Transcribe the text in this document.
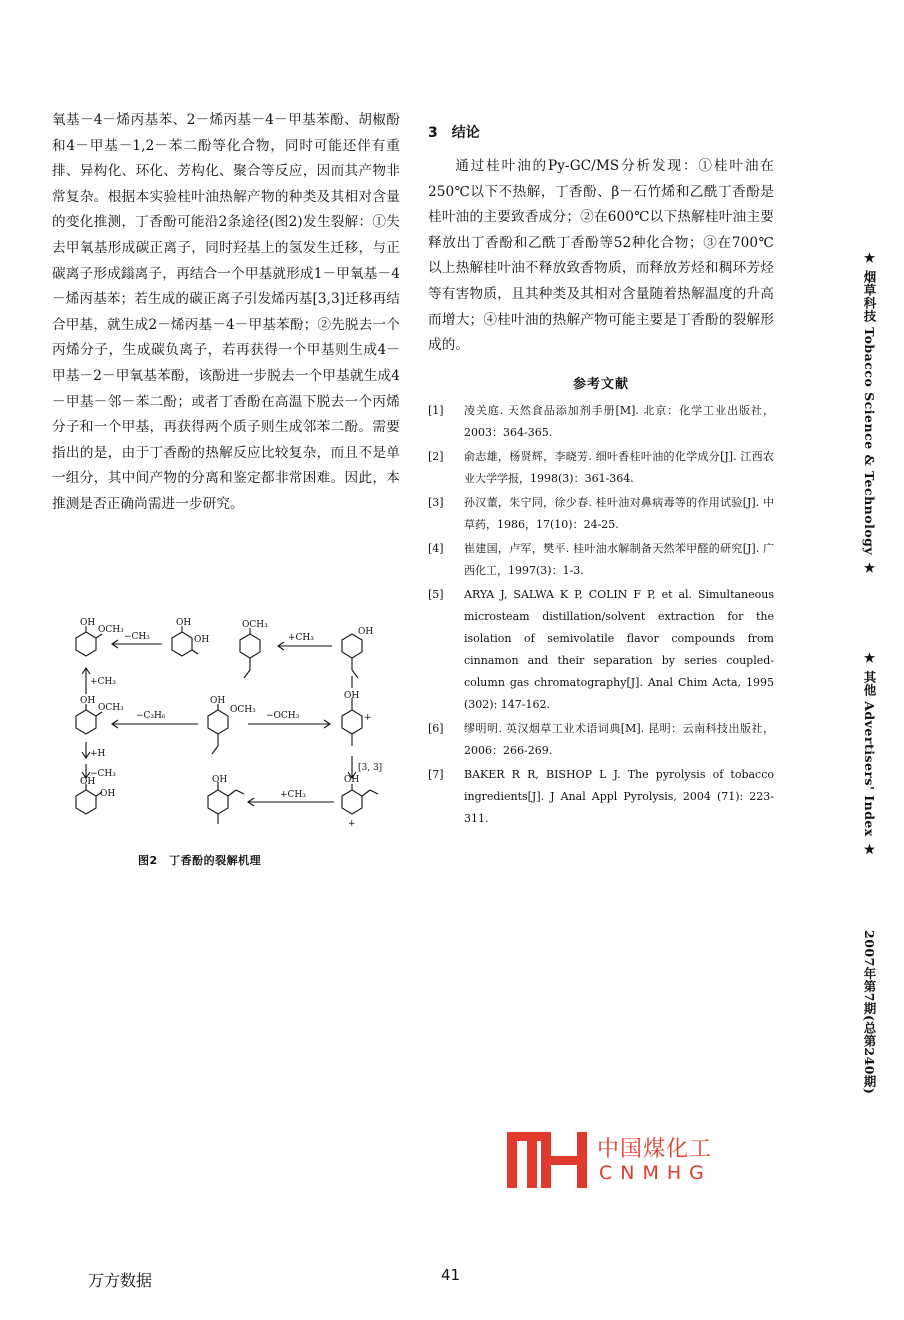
氧基－4－烯丙基苯、2－烯丙基－4－甲基苯酚、胡椒酚和4－甲基－1,2－苯二酚等化合物，同时可能还伴有重排、异构化、环化、芳构化、聚合等反应，因而其产物非常复杂。根据本实验桂叶油热解产物的种类及其相对含量的变化推测，丁香酚可能沿2条途径(图2)发生裂解：①失去甲氧基形成碳正离子，同时羟基上的氢发生迁移，与正碳离子形成鎓离子，再结合一个甲基就形成1－甲氧基－4－烯丙基苯；若生成的碳正离子引发烯丙基[3,3]迁移再结合甲基，就生成2－烯丙基－4－甲基苯酚；②先脱去一个丙烯分子，生成碳负离子，若再获得一个甲基则生成4－甲基－2－甲氧基苯酚，该酚进一步脱去一个甲基就生成4－甲基－邻－苯二酚；或者丁香酚在高温下脱去一个丙烯分子和一个甲基，再获得两个质子则生成邻苯二酚。需要指出的是，由于丁香酚的热解反应比较复杂，而且不是单一组分，其中间产物的分离和鉴定都非常困难。因此，本推测是否正确尚需进一步研究。

OH
OCH₃
−CH₃
OH
OH
OCH₃
+CH₃
OH
+CH₃
OH
OCH₃
−C₃H₆
OH
OCH₃
−OCH₃
OH
+
+H
−CH₃
[3, 3]
OH
OH
OH
+CH₃
OH
+
图2　丁香酚的裂解机理
3　结论

通过桂叶油的Py-GC/MS分析发现：①桂叶油在250℃以下不热解，丁香酚、β－石竹烯和乙酰丁香酚是桂叶油的主要致香成分；②在600℃以下热解桂叶油主要释放出丁香酚和乙酰丁香酚等52种化合物；③在700℃以上热解桂叶油不释放致香物质，而释放芳烃和稠环芳烃等有害物质，且其种类及其相对含量随着热解温度的升高而增大；④桂叶油的热解产物可能主要是丁香酚的裂解形成的。

参考文献
[1] 凌关庭. 天然食品添加剂手册[M]. 北京：化学工业出版社，2003：364-365.
[2] 俞志雄，杨贤辉，李晓芳. 细叶香桂叶油的化学成分[J]. 江西农业大学学报，1998(3)：361-364.
[3] 孙汉董，朱宁同，徐少春. 桂叶油对鼻病毒等的作用试验[J]. 中草药，1986，17(10)：24-25.
[4] 崔建国，卢军，樊平. 桂叶油水解制备天然苯甲醛的研究[J]. 广西化工，1997(3)：1-3.
[5] ARYA J, SALWA K P, COLIN F P, et al. Simultaneous microsteam distillation/solvent extraction for the isolation of semivolatile flavor compounds from cinnamon and their separation by series coupled-column gas chromatography[J]. Anal Chim Acta, 1995 (302): 147-162.
[6] 缪明明. 英汉烟草工业术语词典[M]. 昆明：云南科技出版社，2006：266-269.
[7] BAKER R R, BISHOP L J. The pyrolysis of tobacco ingredients[J]. J Anal Appl Pyrolysis, 2004 (71): 223-311.
★ 烟草科技 Tobacco Science & Technology ★
★ 其他 Advertisers' Index ★
2007年第7期(总第240期)
中国煤化工
CNMHG
万方数据	41
